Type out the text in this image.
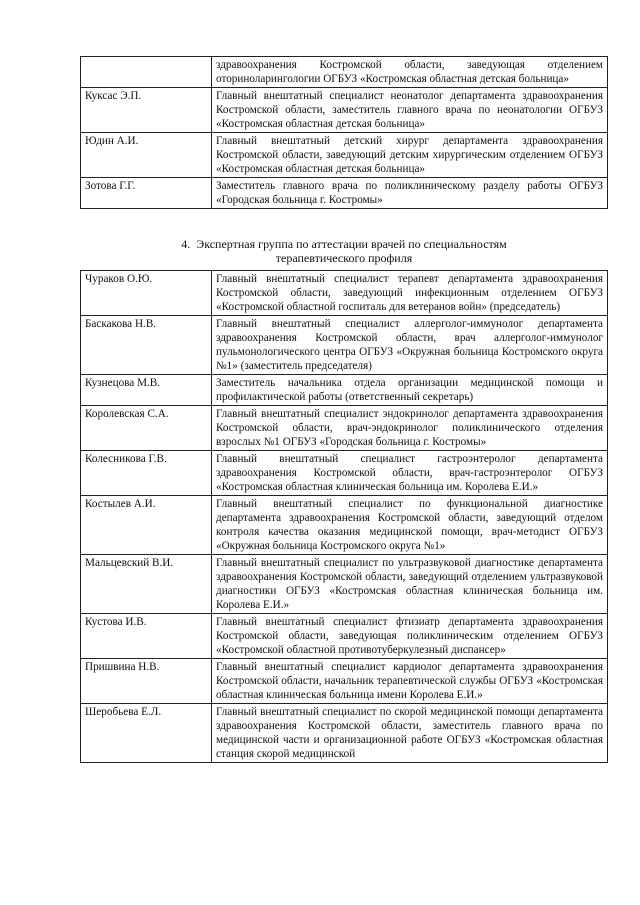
	здравоохранения Костромской области, заведующая отделением оториноларингологии ОГБУЗ «Костромская областная детская больница»
Куксас Э.П.	Главный внештатный специалист неонатолог департамента здравоохранения Костромской области, заместитель главного врача по неонатологии ОГБУЗ «Костромская областная детская больница»
Юдин А.И.	Главный внештатный детский хирург департамента здравоохранения Костромской области, заведующий детским хирургическим отделением ОГБУЗ «Костромская областная детская больница»
Зотова Г.Г.	Заместитель главного врача по поликлиническому разделу работы ОГБУЗ «Городская больница г. Костромы»
4. Экспертная группа по аттестации врачей по специальностям
терапевтического профиля
Чураков О.Ю.	Главный внештатный специалист терапевт департамента здравоохранения Костромской области, заведующий инфекционным отделением ОГБУЗ «Костромской областной госпиталь для ветеранов войн» (председатель)
Баскакова Н.В.	Главный внештатный специалист аллерголог-иммунолог департамента здравоохранения Костромской области, врач аллерголог-иммунолог пульмонологического центра ОГБУЗ «Окружная больница Костромского округа №1» (заместитель председателя)
Кузнецова М.В.	Заместитель начальника отдела организации медицинской помощи и профилактической работы (ответственный секретарь)
Королевская С.А.	Главный внештатный специалист эндокринолог департамента здравоохранения Костромской области, врач-эндокринолог поликлинического отделения взрослых №1 ОГБУЗ «Городская больница г. Костромы»
Колесникова Г.В.	Главный внештатный специалист гастроэнтеролог департамента здравоохранения Костромской области, врач-гастроэнтеролог ОГБУЗ «Костромская областная клиническая больница им. Королева Е.И.»
Костылев А.И.	Главный внештатный специалист по функциональной диагностике департамента здравоохранения Костромской области, заведующий отделом контроля качества оказания медицинской помощи, врач-методист ОГБУЗ «Окружная больница Костромского округа №1»
Мальцевский В.И.	Главный внештатный специалист по ультразвуковой диагностике департамента здравоохранения Костромской области, заведующий отделением ультразвуковой диагностики ОГБУЗ «Костромская областная клиническая больница им. Королева Е.И.»
Кустова И.В.	Главный внештатный специалист фтизиатр департамента здравоохранения Костромской области, заведующая поликлиническим отделением ОГБУЗ «Костромской областной противотуберкулезный диспансер»
Пришвина Н.В.	Главный внештатный специалист кардиолог департамента здравоохранения Костромской области, начальник терапевтической службы ОГБУЗ «Костромская областная клиническая больница имени Королева Е.И.»
Шеробьева Е.Л.	Главный внештатный специалист по скорой медицинской помощи департамента здравоохранения Костромской области, заместитель главного врача по медицинской части и организационной работе ОГБУЗ «Костромская областная станция скорой медицинской
